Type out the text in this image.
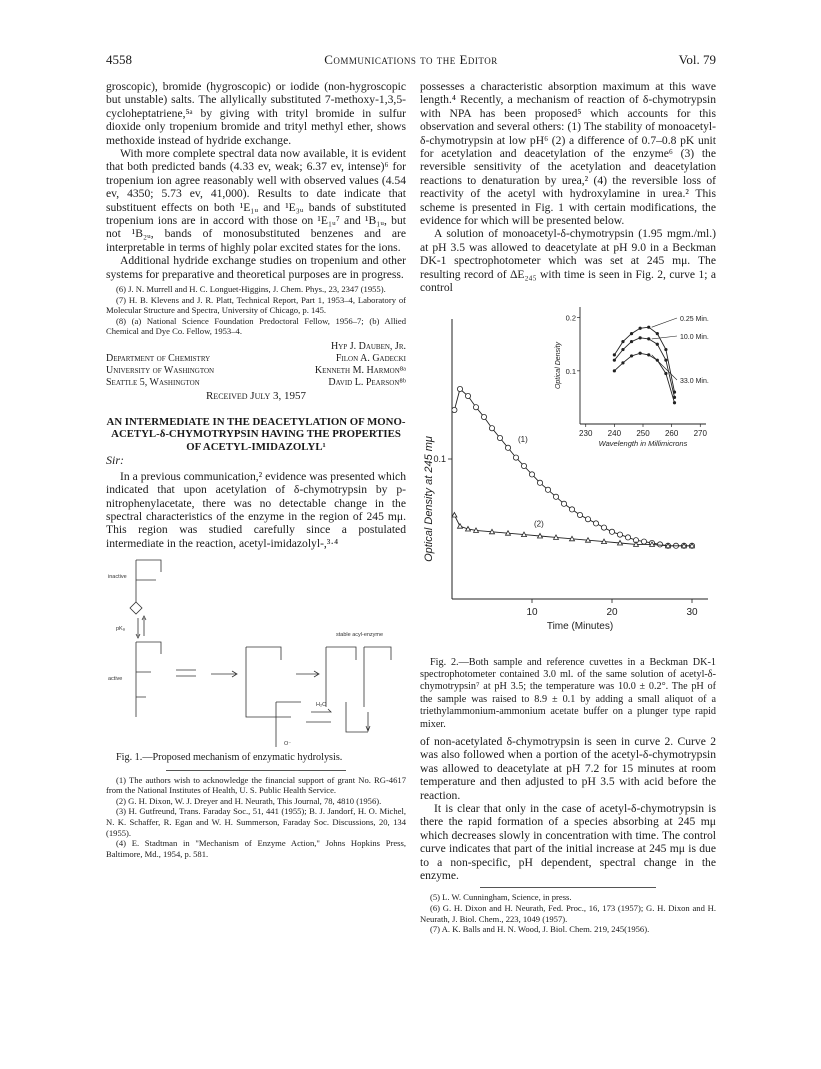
4558	Communications to the Editor	Vol. 79

groscopic), bromide (hygroscopic) or iodide (non-hygroscopic but unstable) salts. The allylically substituted 7-methoxy-1,3,5-cycloheptatriene,⁵ᵃ by giving with trityl bromide in sulfur dioxide only tropenium bromide and trityl methyl ether, shows methoxide instead of hydride exchange.

With more complete spectral data now available, it is evident that both predicted bands (4.33 ev, weak; 6.37 ev, intense)⁶ for tropenium ion agree reasonably well with observed values (4.54 ev, 4350; 5.73 ev, 41,000). Results to date indicate that substituent effects on both ¹E₁ᵤ and ¹E₃ᵤ bands of substituted tropenium ions are in accord with those on ¹E₁ᵤ⁷ and ¹B₁ᵤ, but not ¹B₂ᵤ, bands of monosubstituted benzenes and are interpretable in terms of highly polar excited states for the ions.

Additional hydride exchange studies on tropenium and other systems for preparative and theoretical purposes are in progress.

(6) J. N. Murrell and H. C. Longuet-Higgins, J. Chem. Phys., 23, 2347 (1955).
(7) H. B. Klevens and J. R. Platt, Technical Report, Part 1, 1953–4, Laboratory of Molecular Structure and Spectra, University of Chicago, p. 145.
(8) (a) National Science Foundation Predoctoral Fellow, 1956–7; (b) Allied Chemical and Dye Co. Fellow, 1953–4.
Hyp J. Dauben, Jr.
Department of Chemistry	Filon A. Gadecki
University of Washington	Kenneth M. Harmon⁸ᵃ
Seattle 5, Washington	David L. Pearson⁸ᵇ
Received July 3, 1957
AN INTERMEDIATE IN THE DEACETYLATION OF MONO-ACETYL-δ-CHYMOTRYPSIN HAVING THE PROPERTIES OF ACETYL-IMIDAZOLYL¹
Sir:

In a previous communication,² evidence was presented which indicated that upon acetylation of δ-chymotrypsin by p-nitrophenylacetate, there was no detectable change in the spectral characteristics of the enzyme in the region of 245 mμ. This region was studied carefully since a postulated intermediate in the reaction, acetyl-imidazolyl-,³·⁴

inactive
active
pKₐ
stable acyl-enzyme
H₂O
O⁻
Fig. 1.—Proposed mechanism of enzymatic hydrolysis.
(1) The authors wish to acknowledge the financial support of grant No. RG-4617 from the National Institutes of Health, U. S. Public Health Service.
(2) G. H. Dixon, W. J. Dreyer and H. Neurath, This Journal, 78, 4810 (1956).
(3) H. Gutfreund, Trans. Faraday Soc., 51, 441 (1955); B. J. Jandorf, H. O. Michel, N. K. Schaffer, R. Egan and W. H. Summerson, Faraday Soc. Discussions, 20, 134 (1955).
(4) E. Stadtman in "Mechanism of Enzyme Action," Johns Hopkins Press, Baltimore, Md., 1954, p. 581.

possesses a characteristic absorption maximum at this wave length.⁴ Recently, a mechanism of reaction of δ-chymotrypsin with NPA has been proposed⁵ which accounts for this observation and several others: (1) The stability of monoacetyl-δ-chymotrypsin at low pH⁶ (2) a difference of 0.7–0.8 pK unit for acetylation and deacetylation of the enzyme⁶ (3) the reversible sensitivity of the acetylation and deacetylation reactions to denaturation by urea,² (4) the reversible loss of reactivity of the acetyl with hydroxylamine in urea.² This scheme is presented in Fig. 1 with certain modifications, the evidence for which will be presented below.

A solution of monoacetyl-δ-chymotrypsin (1.95 mgm./ml.) at pH 3.5 was allowed to deacetylate at pH 9.0 in a Beckman DK-1 spectrophotometer which was set at 245 mμ. The resulting record of ΔE₂₄₅ with time is seen in Fig. 2, curve 1; a control

10	20	30
0.1
Time (Minutes)
Optical Density at 245 mμ	(1)
(2)
230 240 250 260 270
0.1
0.2
Wavelength in Millimicrons
Optical Density
0.25 Min.
10.0 Min.
33.0 Min.
Fig. 2.—Both sample and reference cuvettes in a Beckman DK-1 spectrophotometer contained 3.0 ml. of the same solution of acetyl-δ-chymotrypsin⁷ at pH 3.5; the temperature was 10.0 ± 0.2°. The pH of the sample was raised to 8.9 ± 0.1 by adding a small aliquot of a triethylammonium-ammonium acetate buffer on a plunger type rapid mixer.

of non-acetylated δ-chymotrypsin is seen in curve 2. Curve 2 was also followed when a portion of the acetyl-δ-chymotrypsin was allowed to deacetylate at pH 7.2 for 15 minutes at room temperature and then adjusted to pH 3.5 with acid before the reaction.

It is clear that only in the case of acetyl-δ-chymotrypsin is there the rapid formation of a species absorbing at 245 mμ which decreases slowly in concentration with time. The control curve indicates that part of the initial increase at 245 mμ is due to a non-specific, pH dependent, spectral change in the enzyme.

(5) L. W. Cunningham, Science, in press.
(6) G. H. Dixon and H. Neurath, Fed. Proc., 16, 173 (1957); G. H. Dixon and H. Neurath, J. Biol. Chem., 223, 1049 (1957).
(7) A. K. Balls and H. N. Wood, J. Biol. Chem. 219, 245(1956).
